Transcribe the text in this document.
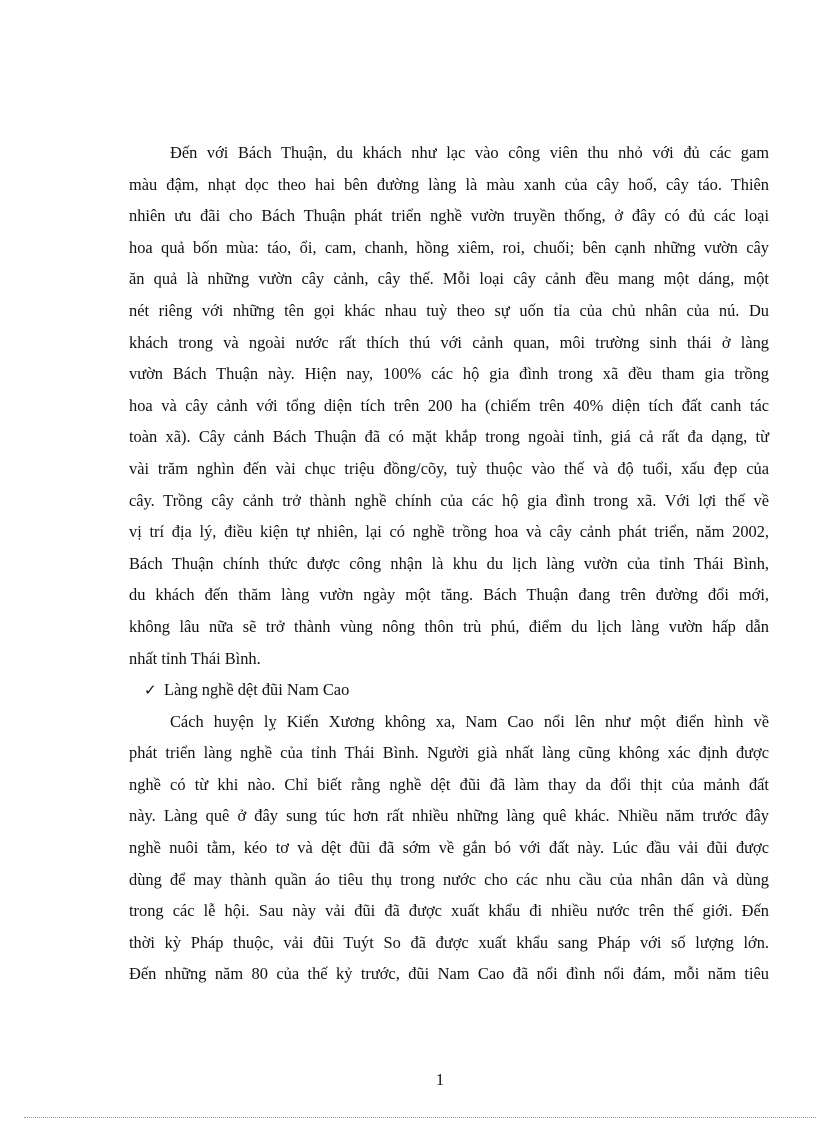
Đến với Bách Thuận, du khách như lạc vào công viên thu nhỏ với đủ các gam
màu đậm, nhạt dọc theo hai bên đường làng là màu xanh của cây hoố, cây táo. Thiên
nhiên ưu đãi cho Bách Thuận phát triển nghề vườn truyền thống, ở đây có đủ các loại
hoa quả bốn mùa: táo, ổi, cam, chanh, hồng xiêm, roi, chuối; bên cạnh những vườn cây
ăn quả là những vườn cây cảnh, cây thế. Mỗi loại cây cảnh đều mang một dáng, một
nét riêng với những tên gọi khác nhau tuỳ theo sự uốn tỉa của chủ nhân của nú. Du
khách trong và ngoài nước rất thích thú với cảnh quan, môi trường sinh thái ở làng
vườn Bách Thuận này. Hiện nay, 100% các hộ gia đình trong xã đều tham gia trồng
hoa và cây cảnh với tổng diện tích trên 200 ha (chiếm trên 40% diện tích đất canh tác
toàn xã). Cây cảnh Bách Thuận đã có mặt khắp trong ngoài tỉnh, giá cả rất đa dạng, từ
vài trăm nghìn đến vài chục triệu đồng/cõy, tuỳ thuộc vào thế và độ tuổi, xấu đẹp của
cây. Trồng cây cảnh trở thành nghề chính của các hộ gia đình trong xã. Với lợi thế về
vị trí địa lý, điều kiện tự nhiên, lại có nghề trồng hoa và cây cảnh phát triển, năm 2002,
Bách Thuận chính thức được công nhận là khu du lịch làng vườn của tỉnh Thái Bình,
du khách đến thăm làng vườn ngày một tăng. Bách Thuận đang trên đường đổi mới,
không lâu nữa sẽ trở thành vùng nông thôn trù phú, điểm du lịch làng vườn hấp dẫn
nhất tỉnh Thái Bình.
✓ Làng nghề dệt đũi Nam Cao
Cách huyện lỵ Kiến Xương không xa, Nam Cao nổi lên như một điển hình về
phát triển làng nghề của tỉnh Thái Bình. Người già nhất làng cũng không xác định được
nghề có từ khi nào. Chỉ biết rằng nghề dệt đũi đã làm thay da đổi thịt của mảnh đất
này. Làng quê ở đây sung túc hơn rất nhiều những làng quê khác. Nhiều năm trước đây
nghề nuôi tằm, kéo tơ và dệt đũi đã sớm về gắn bó với đất này. Lúc đầu vải đũi được
dùng để may thành quần áo tiêu thụ trong nước cho các nhu cầu của nhân dân và dùng
trong các lễ hội. Sau này vải đũi đã được xuất khẩu đi nhiều nước trên thế giới. Đến
thời kỳ Pháp thuộc, vải đũi Tuýt So đã được xuất khẩu sang Pháp với số lượng lớn.
Đến những năm 80 của thế kỷ trước, đũi Nam Cao đã nổi đình nổi đám, mỗi năm tiêu
1
